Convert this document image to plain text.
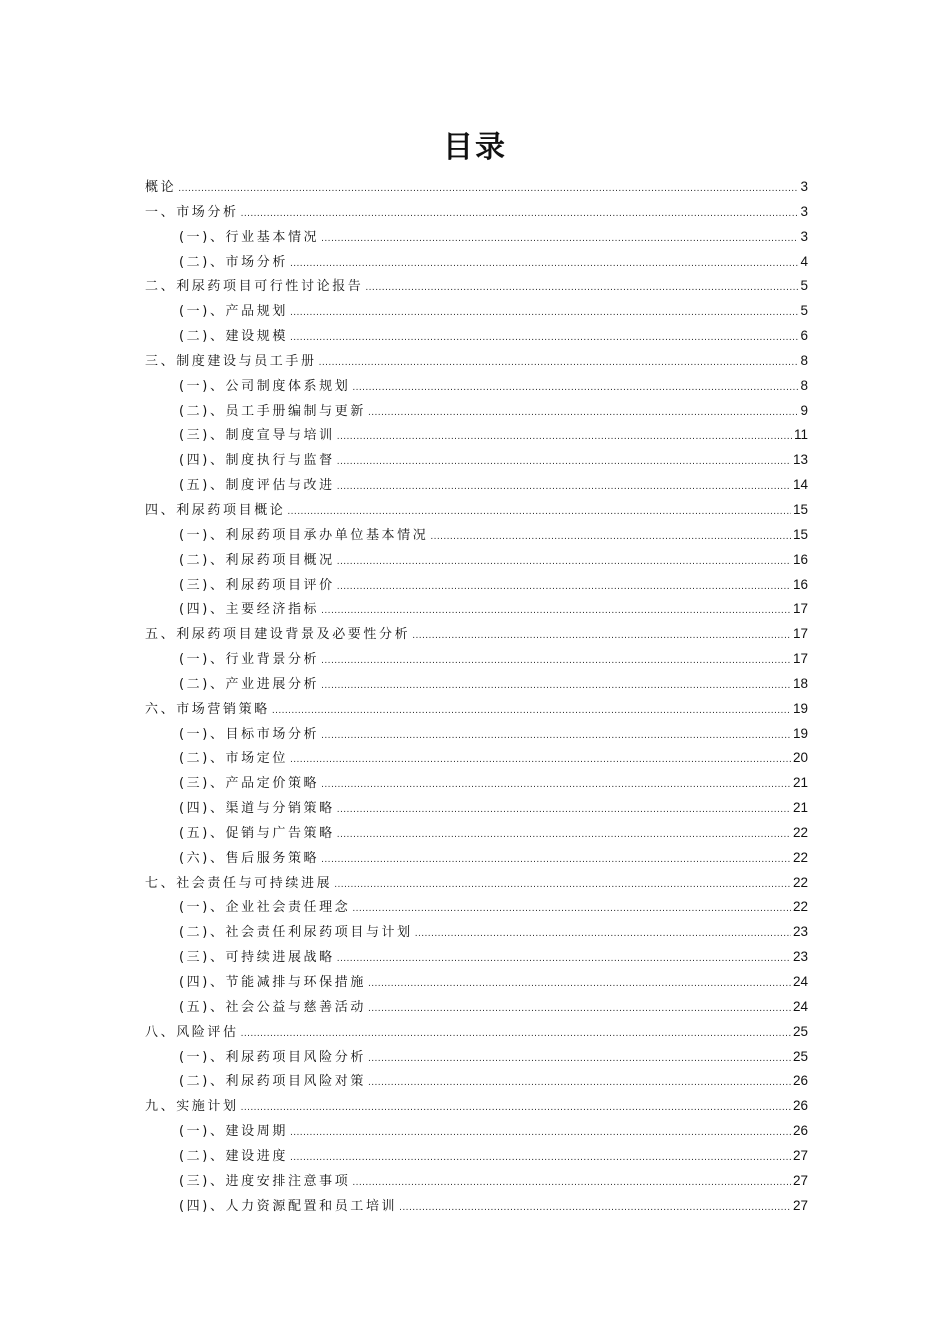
目录
概论 .....	3
一、市场分析 .....	3
(一)、行业基本情况 .....	3
(二)、市场分析 .....	4
二、利尿药项目可行性讨论报告 .....	5
(一)、产品规划 .....	5
(二)、建设规模 .....	6
三、制度建设与员工手册 .....	8
(一)、公司制度体系规划 .....	8
(二)、员工手册编制与更新 .....	9
(三)、制度宣导与培训 .....	11
(四)、制度执行与监督 .....	13
(五)、制度评估与改进 .....	14
四、利尿药项目概论 .....	15
(一)、利尿药项目承办单位基本情况 .....	15
(二)、利尿药项目概况 .....	16
(三)、利尿药项目评价 .....	16
(四)、主要经济指标 .....	17
五、利尿药项目建设背景及必要性分析 .....	17
(一)、行业背景分析 .....	17
(二)、产业进展分析 .....	18
六、市场营销策略 .....	19
(一)、目标市场分析 .....	19
(二)、市场定位 .....	20
(三)、产品定价策略 .....	21
(四)、渠道与分销策略 .....	21
(五)、促销与广告策略 .....	22
(六)、售后服务策略 .....	22
七、社会责任与可持续进展 .....	22
(一)、企业社会责任理念 .....	22
(二)、社会责任利尿药项目与计划 .....	23
(三)、可持续进展战略 .....	23
(四)、节能减排与环保措施 .....	24
(五)、社会公益与慈善活动 .....	24
八、风险评估 .....	25
(一)、利尿药项目风险分析 .....	25
(二)、利尿药项目风险对策 .....	26
九、实施计划 .....	26
(一)、建设周期 .....	26
(二)、建设进度 .....	27
(三)、进度安排注意事项 .....	27
(四)、人力资源配置和员工培训 .....	27
